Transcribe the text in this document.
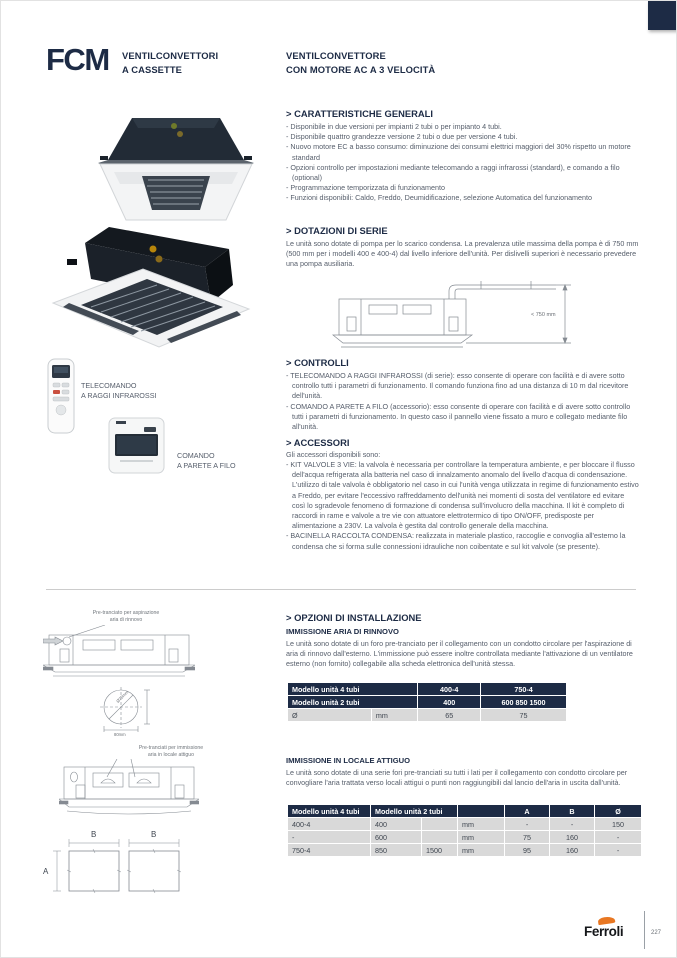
FCM VENTILCONVETTORI
A CASSETTE
VENTILCONVETTORE
CON MOTORE AC A 3 VELOCITÀ
TELECOMANDO
A RAGGI INFRAROSSI
COMANDO
A PARETE A FILO
> CARATTERISTICHE GENERALI
- Disponibile in due versioni per impianti 2 tubi o per impianto 4 tubi.
- Disponibile quattro grandezze versione 2 tubi o due per versione 4 tubi.
- Nuovo motore EC a basso consumo: diminuzione dei consumi elettrici maggiori del 30% rispetto un motore standard
- Opzioni controllo per impostazioni mediante telecomando a raggi infrarossi (standard), e comando a filo (optional)
- Programmazione temporizzata di funzionamento
- Funzioni disponibili: Caldo, Freddo, Deumidificazione, selezione Automatica del funzionamento
> DOTAZIONI DI SERIE
Le unità sono dotate di pompa per lo scarico condensa. La prevalenza utile massima della pompa è di 750 mm (500 mm per i modelli 400 e 400-4) dal livello inferiore dell'unità. Per dislivelli superiori è necessario prevedere una pompa ausiliaria.
< 750 mm
> CONTROLLI
- TELECOMANDO A RAGGI INFRAROSSI (di serie): esso consente di operare con facilità e di avere sotto controllo tutti i parametri di funzionamento. Il comando funziona fino ad una distanza di 10 m dal ricevitore dell'unità.
- COMANDO A PARETE A FILO (accessorio): esso consente di operare con facilità e di avere sotto controllo tutti i parametri di funzionamento. In questo caso il pannello viene fissato a muro e collegato mediante filo all'unità.
> ACCESSORI
Gli accessori disponibili sono:
- KIT VALVOLE 3 VIE: la valvola è necessaria per controllare la temperatura ambiente, e per bloccare il flusso dell'acqua refrigerata alla batteria nel caso di innalzamento anomalo del livello d'acqua di condensazione. L'utilizzo di tale valvola è obbligatorio nel caso in cui l'unità venga utilizzata in regime di funzionamento estivo a Freddo, per evitare l'eccessivo raffreddamento dell'unità nei momenti di sosta del ventilatore ed evitare così lo sgradevole fenomeno di formazione di condensa sull'involucro della macchina. Il kit è completo di raccordi in rame e valvole a tre vie con attuatore elettrotermico di tipo ON/OFF, predisposte per alimentazione a 230V. La valvola è gestita dal controllo generale della macchina.
- BACINELLA RACCOLTA CONDENSA: realizzata in materiale plastico, raccoglie e convoglia all'esterno la condensa che si forma sulle connessioni idrauliche non coibentate e sul kit valvole (se presente).
Pre-tranciato per aspirazione
aria di rinnovo
Ø75mm
80mm
Pre-tranciati per immissione
aria in locale attiguo
B	B
A
> OPZIONI DI INSTALLAZIONE
IMMISSIONE ARIA DI RINNOVO
Le unità sono dotate di un foro pre-tranciato per il collegamento con un condotto circolare per l'aspirazione di aria di rinnovo dall'esterno. L'immissione può essere inoltre controllata mediante l'attivazione di un ventilatore esterno (non fornito) collegabile alla scheda elettronica dell'unità stessa.
Modello unità 4 tubi		400-4	750-4
Modello unità 2 tubi		400	600 850 1500
Ø	mm	65	75
IMMISSIONE IN LOCALE ATTIGUO
Le unità sono dotate di una serie fori pre-tranciati su tutti i lati per il collegamento con condotto circolare per convogliare l'aria trattata verso locali attigui o punti non raggiungibili dal lancio dell'aria in uscita dall'unità.
Modello unità 4 tubi	Modello unità 2 tubi			A	B	Ø
400-4	400		mm	-	-	150
-	600		mm	75	160	-
750-4	850	1500	mm	95	160	-
Ferroli	227
